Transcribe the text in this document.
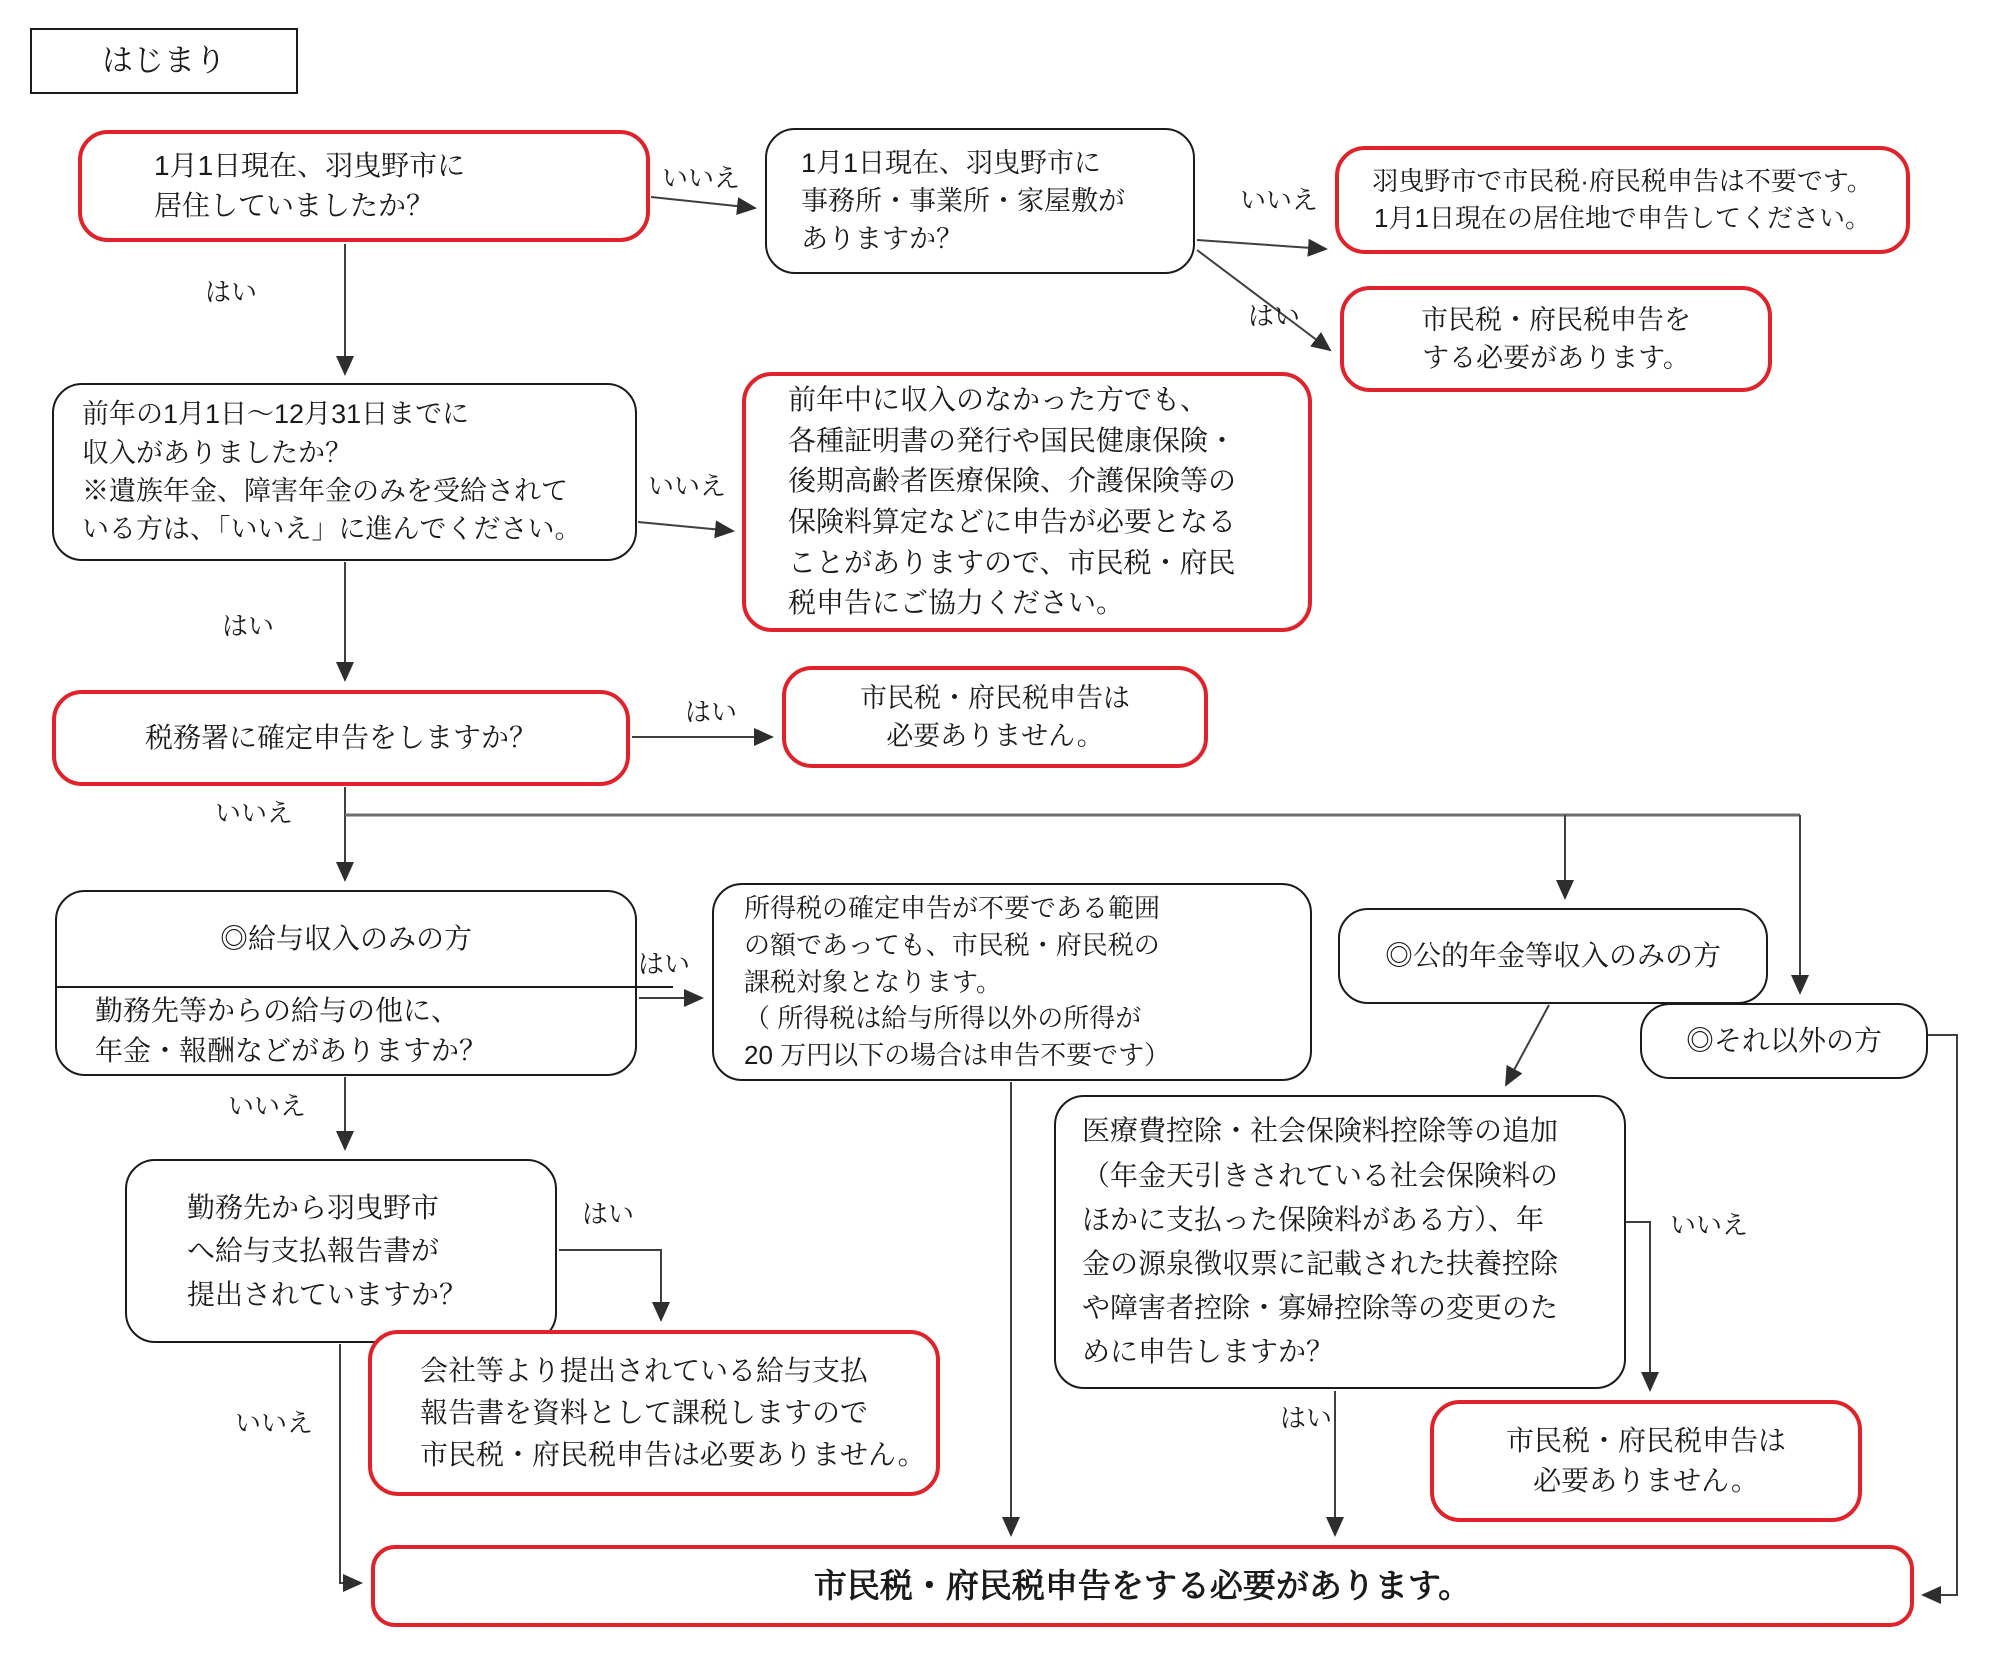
はじまり
1月1日現在、羽曳野市に
居住していましたか？
1月1日現在、羽曳野市に
事務所・事業所・家屋敷が
ありますか？
羽曳野市で市民税·府民税申告は不要です。
1月1日現在の居住地で申告してください。
市民税・府民税申告を
する必要があります。
前年の1月1日～12月31日までに
収入がありましたか？
※遺族年金、障害年金のみを受給されて
いる方は、「いいえ」に進んでください。
前年中に収入のなかった方でも、
各種証明書の発行や国民健康保険・
後期高齢者医療保険、介護保険等の
保険料算定などに申告が必要となる
ことがありますので、市民税・府民
税申告にご協力ください。
税務署に確定申告をしますか？
市民税・府民税申告は
必要ありません。
◎給与収入のみの方
勤務先等からの給与の他に、
年金・報酬などがありますか？
所得税の確定申告が不要である範囲
の額であっても、市民税・府民税の
課税対象となります。
（ 所得税は給与所得以外の所得が
20 万円以下の場合は申告不要です）
◎公的年金等収入のみの方
◎それ以外の方
勤務先から羽曳野市
へ給与支払報告書が
提出されていますか？
医療費控除・社会保険料控除等の追加
（年金天引きされている社会保険料の
ほかに支払った保険料がある方）、年
金の源泉徴収票に記載された扶養控除
や障害者控除・寡婦控除等の変更のた
めに申告しますか？
会社等より提出されている給与支払
報告書を資料として課税しますので
市民税・府民税申告は必要ありません。	市民税・府民税申告は
必要ありません。
市民税・府民税申告をする必要があります。
いいえ
はい
いいえ
はい
いいえ
はい
はい
いいえ
はい
いいえ
はい
いいえ	はい
いいえ
